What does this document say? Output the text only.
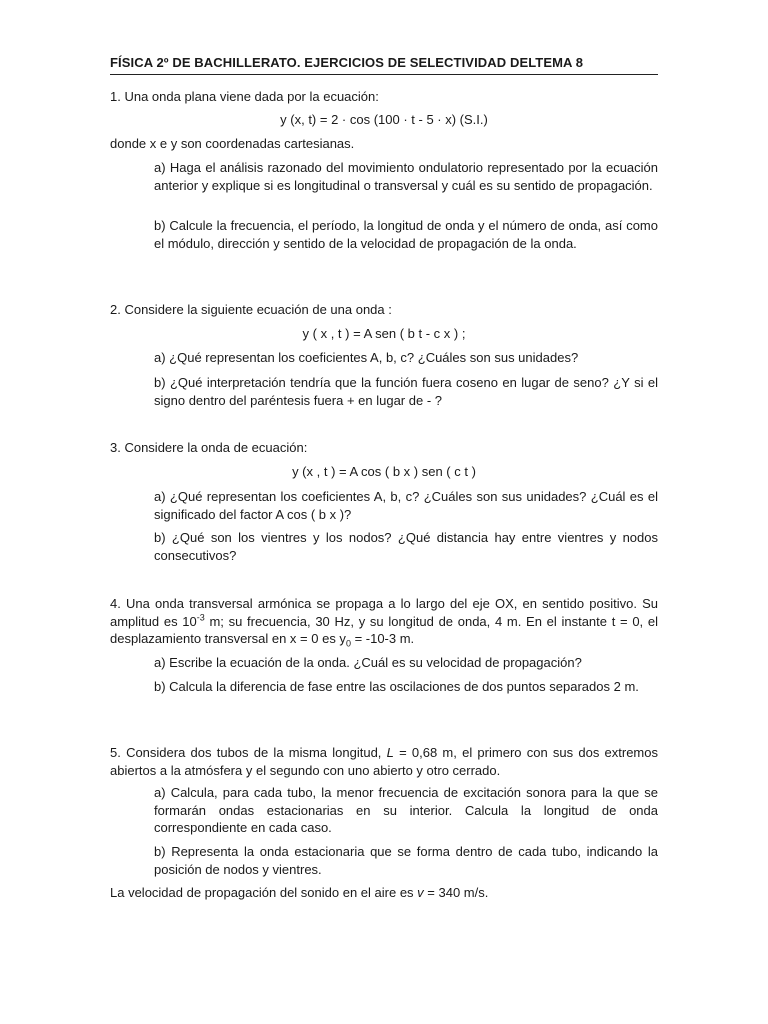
FÍSICA 2º DE BACHILLERATO. EJERCICIOS DE SELECTIVIDAD DELTEMA 8
1. Una onda plana viene dada por la ecuación:
y (x, t) = 2 · cos (100 · t - 5 · x) (S.I.)
donde x e y son coordenadas cartesianas.
a) Haga el análisis razonado del movimiento ondulatorio representado por la ecuación anterior y explique si es longitudinal o transversal y cuál es su sentido de propagación.
b) Calcule la frecuencia, el período, la longitud de onda y el número de onda, así como el módulo, dirección y sentido de la velocidad de propagación de la onda.
2. Considere la siguiente ecuación de una onda :
y ( x , t ) = A sen ( b t - c x ) ;
a) ¿Qué representan los coeficientes A, b, c? ¿Cuáles son sus unidades?
b) ¿Qué interpretación tendría que la función fuera coseno en lugar de seno? ¿Y si el signo dentro del paréntesis fuera + en lugar de - ?
3. Considere la onda de ecuación:
y (x , t ) = A cos ( b x ) sen ( c t )
a) ¿Qué representan los coeficientes A, b, c? ¿Cuáles son sus unidades? ¿Cuál es el significado del factor A cos ( b x )?
b) ¿Qué son los vientres y los nodos? ¿Qué distancia hay entre vientres y nodos consecutivos?
4. Una onda transversal armónica se propaga a lo largo del eje OX, en sentido positivo. Su amplitud es $10^{-3}$ m; su frecuencia, 30 Hz, y su longitud de onda, 4 m. En el instante t = 0, el desplazamiento transversal en x = 0 es $y_0 = -10-3$ m.
a) Escribe la ecuación de la onda. ¿Cuál es su velocidad de propagación?
b) Calcula la diferencia de fase entre las oscilaciones de dos puntos separados 2 m.
5. Considera dos tubos de la misma longitud, L = 0,68 m, el primero con sus dos extremos abiertos a la atmósfera y el segundo con uno abierto y otro cerrado.
a) Calcula, para cada tubo, la menor frecuencia de excitación sonora para la que se formarán ondas estacionarias en su interior. Calcula la longitud de onda correspondiente en cada caso.
b) Representa la onda estacionaria que se forma dentro de cada tubo, indicando la posición de nodos y vientres.
La velocidad de propagación del sonido en el aire es v = 340 m/s.
